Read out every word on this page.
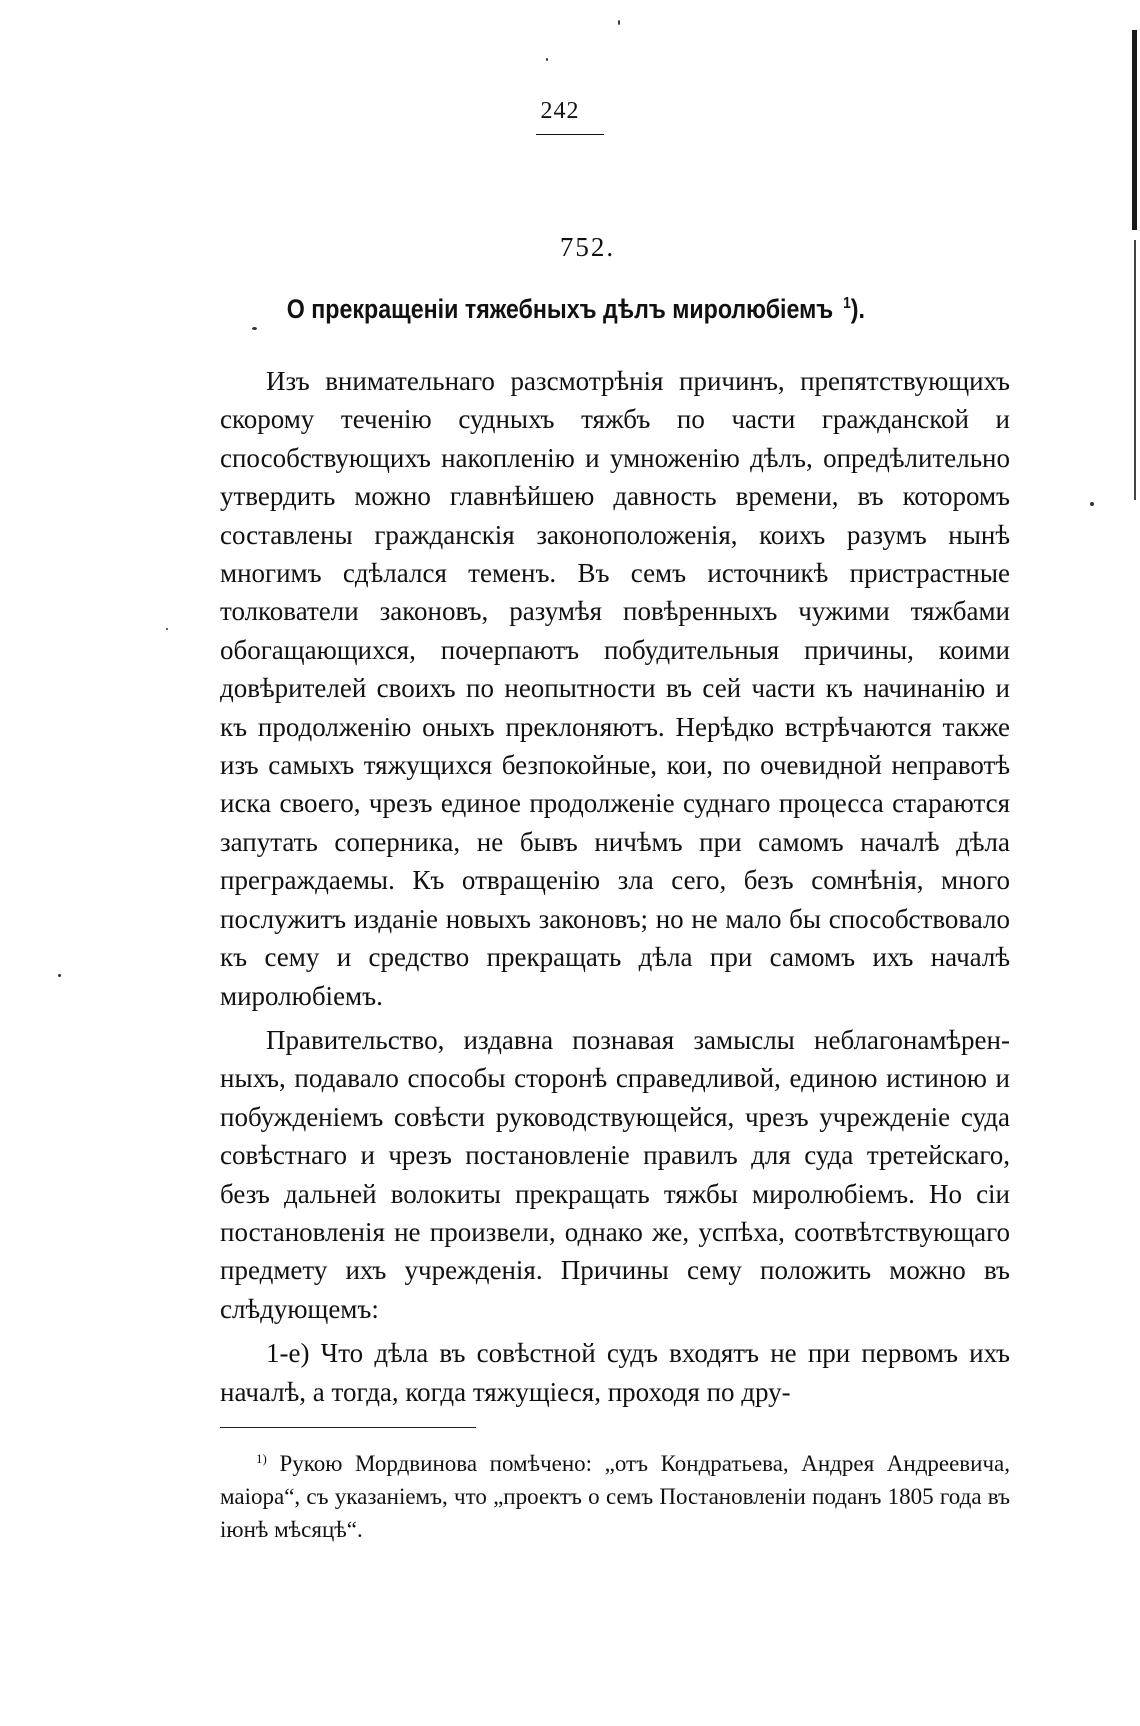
242
752.
О прекращеніи тяжебныхъ дѣлъ миролюбіемъ $^1$).

Изъ внимательнаго разсмотрѣнія причинъ, препятствующихъ скорому теченію судныхъ тяжбъ по части гражданской и способствующихъ накопленію и умноженію дѣлъ, опредѣлительно утвердить можно главнѣйшею давность времени, въ которомъ составлены гражданскія законоположенія, коихъ разумъ нынѣ многимъ сдѣлался теменъ. Въ семъ источникѣ пристрастные толкователи законовъ, разумѣя повѣренныхъ чужими тяжбами обогащающихся, почерпаютъ побудительныя причины, коими довѣрителей своихъ по неопытности въ сей части къ начинанію и къ продолженію оныхъ преклоняютъ. Нерѣдко встрѣчаются также изъ самыхъ тяжущихся безпокойные, кои, по очевидной неправотѣ иска своего, чрезъ единое продолженіе суднаго процесса стараются запутать соперника, не бывъ ничѣмъ при самомъ началѣ дѣла преграждаемы. Къ отвращенію зла сего, безъ сомнѣнія, много послужитъ изданіе новыхъ законовъ; но не мало бы способствовало къ сему и средство прекращать дѣла при самомъ ихъ началѣ миролюбіемъ.

Правительство, издавна познавая замыслы неблагонамѣренныхъ, подавало способы сторонѣ справедливой, единою истиною и побужденіемъ совѣсти руководствующейся, чрезъ учрежденіе суда совѣстнаго и чрезъ постановленіе правилъ для суда третейскаго, безъ дальней волокиты прекращать тяжбы миролюбіемъ. Но сіи постановленія не произвели, однако же, успѣха, соотвѣтствующаго предмету ихъ учрежденія. Причины сему положить можно въ слѣдующемъ:

1-е) Что дѣла въ совѣстной судъ входятъ не при первомъ ихъ началѣ, а тогда, когда тяжущіеся, проходя по дру-

$^{1)}$ Рукою Мордвинова помѣчено: „отъ Кондратьева, Андрея Андреевича, маіора“, съ указаніемъ, что „проектъ о семъ Постановленіи поданъ 1805 года въ іюнѣ мѣсяцѣ“.
